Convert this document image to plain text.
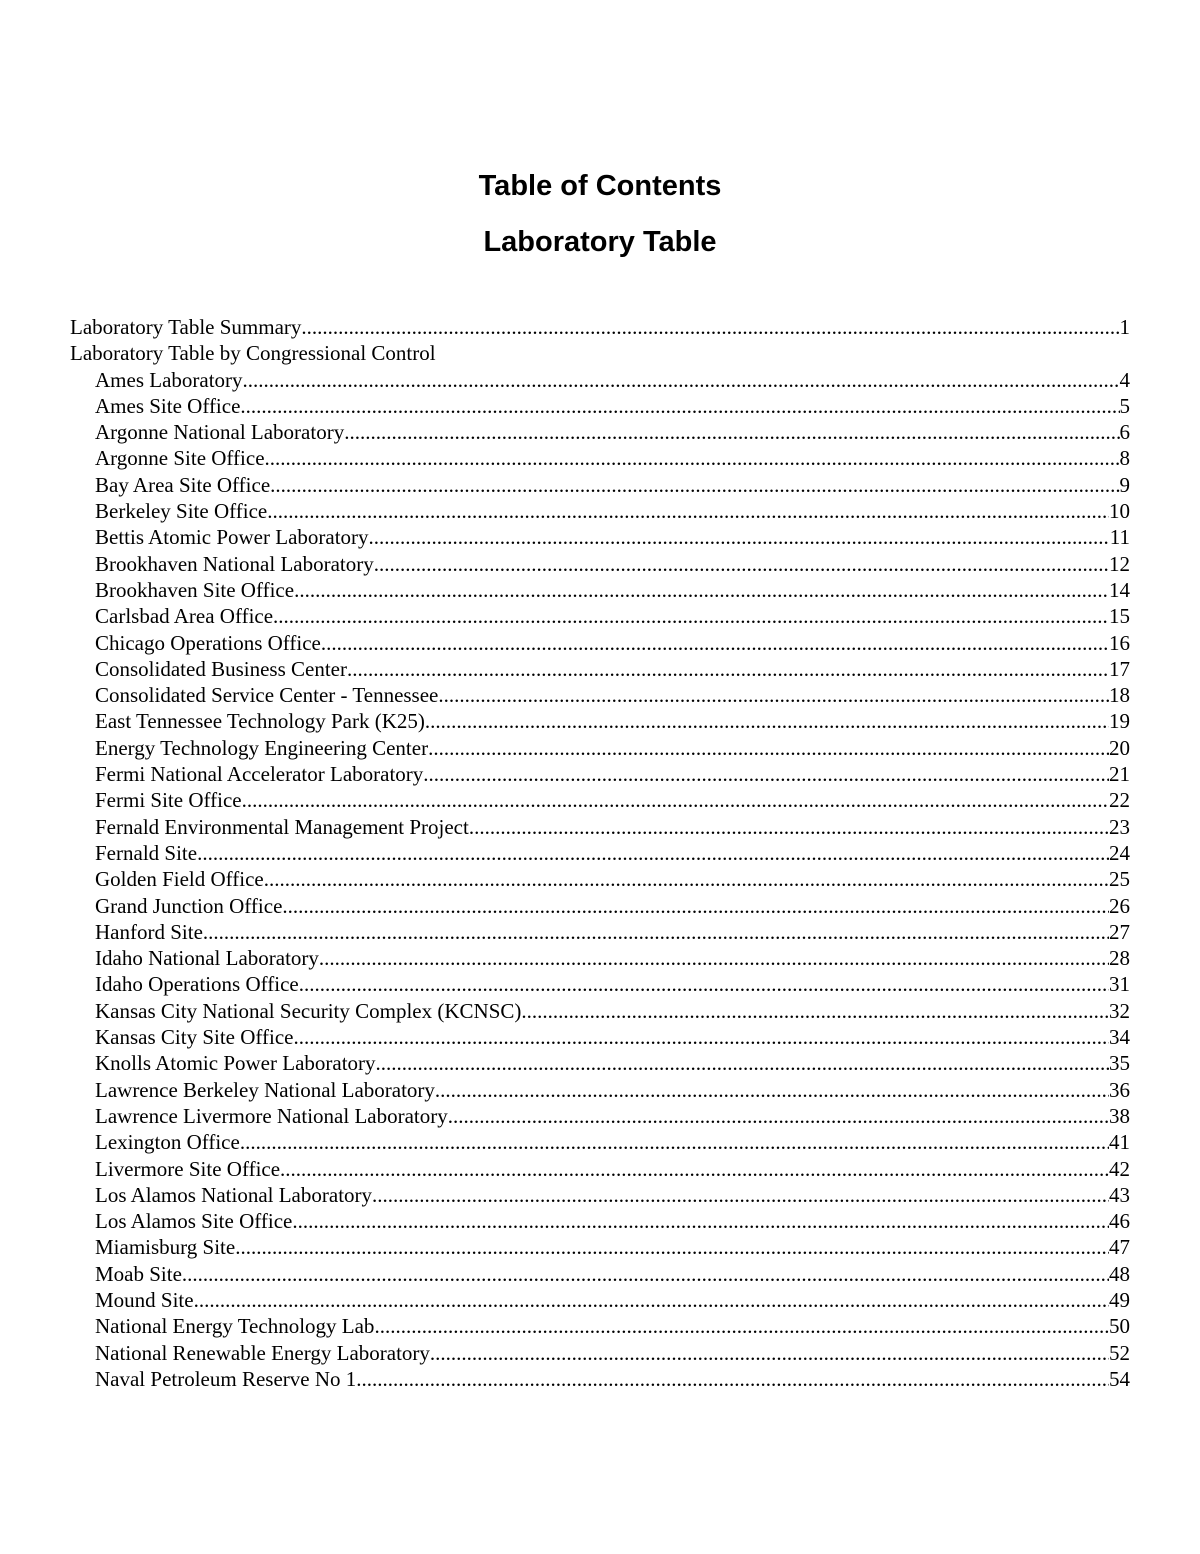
Table of Contents
Laboratory Table
Laboratory Table Summary .....	1
Laboratory Table by Congressional Control
Ames Laboratory .....	4
Ames Site Office .....	5
Argonne National Laboratory .....	6
Argonne Site Office .....	8
Bay Area Site Office .....	9
Berkeley Site Office .....	10
Bettis Atomic Power Laboratory .....	11
Brookhaven National Laboratory .....	12
Brookhaven Site Office .....	14
Carlsbad Area Office .....	15
Chicago Operations Office .....	16
Consolidated Business Center .....	17
Consolidated Service Center - Tennessee .....	18
East Tennessee Technology Park (K25) .....	19
Energy Technology Engineering Center .....	20
Fermi National Accelerator Laboratory .....	21
Fermi Site Office .....	22
Fernald Environmental Management Project .....	23
Fernald Site .....	24
Golden Field Office .....	25
Grand Junction Office .....	26
Hanford Site .....	27
Idaho National Laboratory .....	28
Idaho Operations Office .....	31
Kansas City National Security Complex (KCNSC) .....	32
Kansas City Site Office .....	34
Knolls Atomic Power Laboratory .....	35
Lawrence Berkeley National Laboratory .....	36
Lawrence Livermore National Laboratory .....	38
Lexington Office .....	41
Livermore Site Office .....	42
Los Alamos National Laboratory .....	43
Los Alamos Site Office .....	46
Miamisburg Site .....	47
Moab Site .....	48
Mound Site .....	49
National Energy Technology Lab .....	50
National Renewable Energy Laboratory .....	52
Naval Petroleum Reserve No 1 .....	54
